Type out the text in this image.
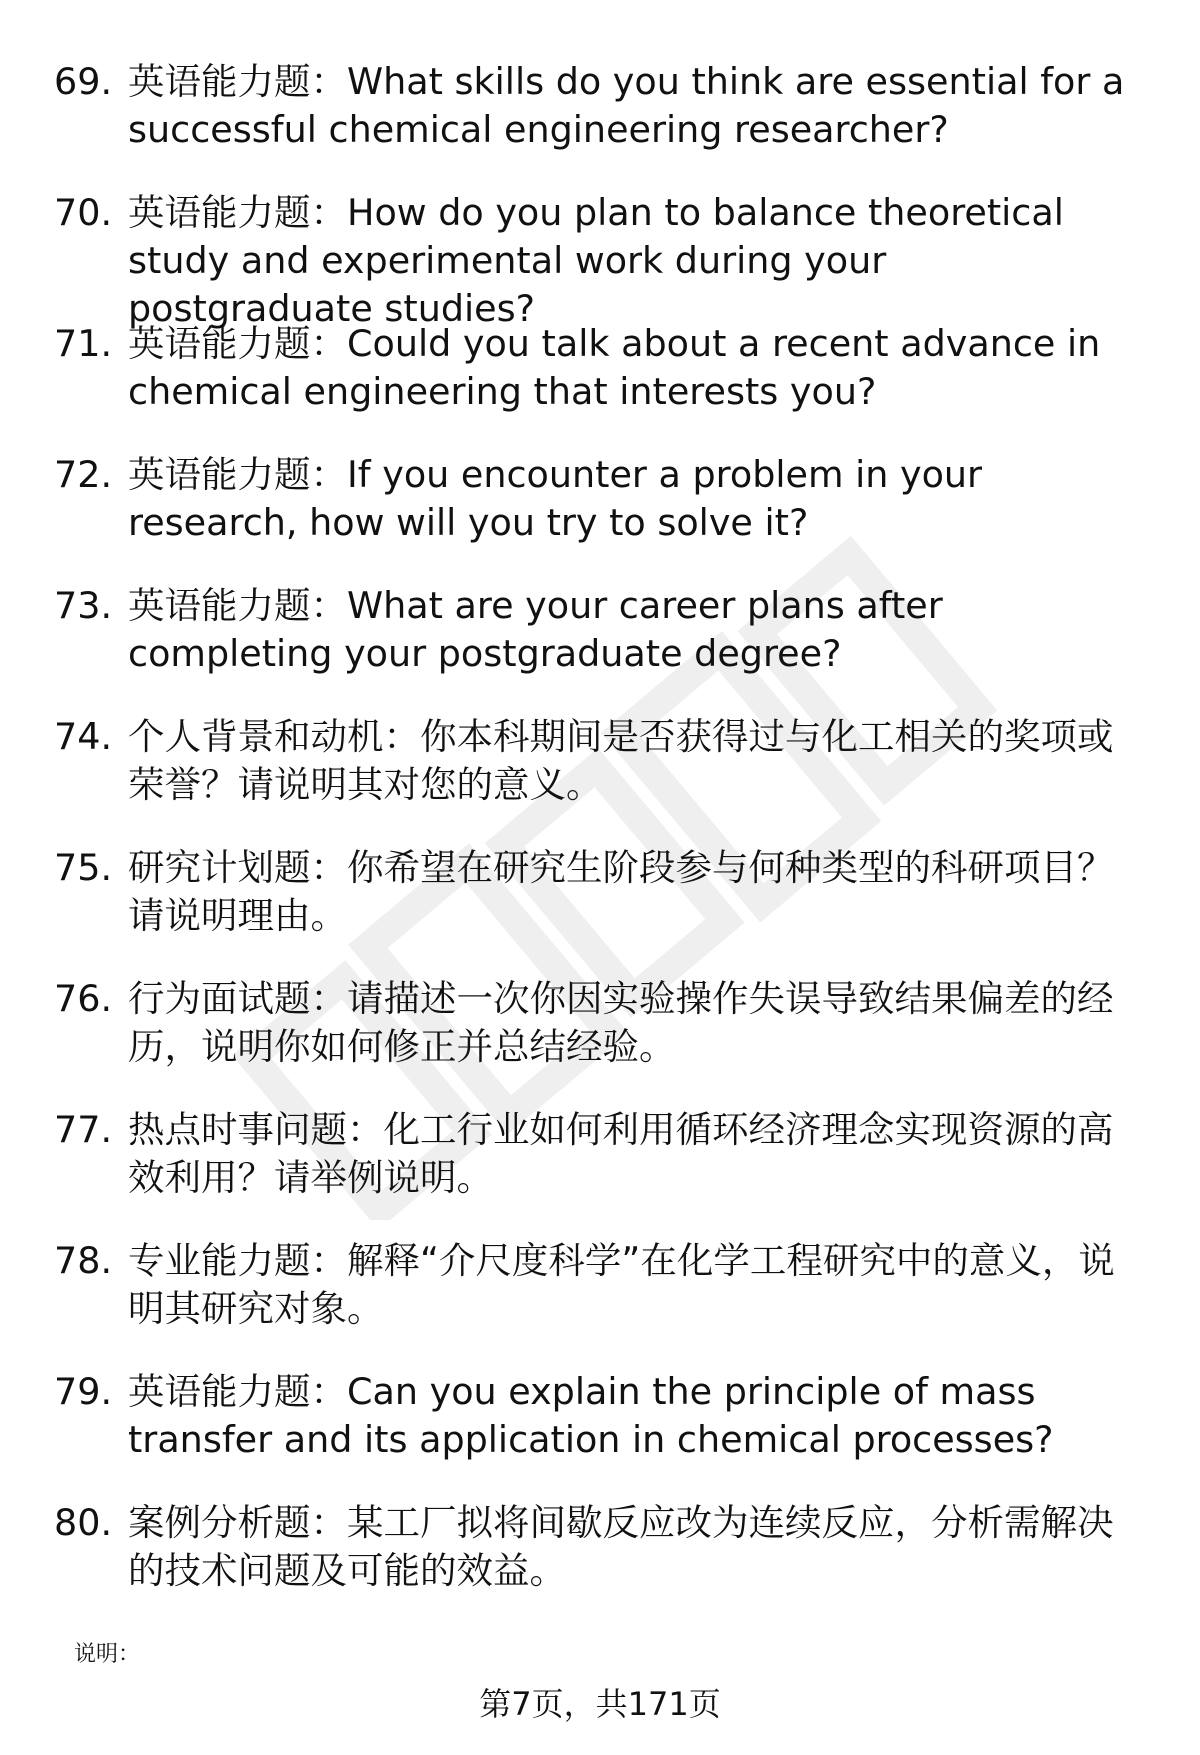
69. 英语能力题：What skills do you think are essential for a successful chemical engineering researcher?
70. 英语能力题：How do you plan to balance theoretical study and experimental work during your postgraduate studies?
71. 英语能力题：Could you talk about a recent advance in chemical engineering that interests you?
72. 英语能力题：If you encounter a problem in your research, how will you try to solve it?
73. 英语能力题：What are your career plans after completing your postgraduate degree?
74. 个人背景和动机：你本科期间是否获得过与化工相关的奖项或荣誉？请说明其对您的意义。
75. 研究计划题：你希望在研究生阶段参与何种类型的科研项目？请说明理由。
76. 行为面试题：请描述一次你因实验操作失误导致结果偏差的经历，说明你如何修正并总结经验。
77. 热点时事问题：化工行业如何利用循环经济理念实现资源的高效利用？请举例说明。
78. 专业能力题：解释“介尺度科学”在化学工程研究中的意义，说明其研究对象。
79. 英语能力题：Can you explain the principle of mass transfer and its application in chemical processes?
80. 案例分析题：某工厂拟将间歇反应改为连续反应，分析需解决的技术问题及可能的效益。
说明：
第7页，共171页
